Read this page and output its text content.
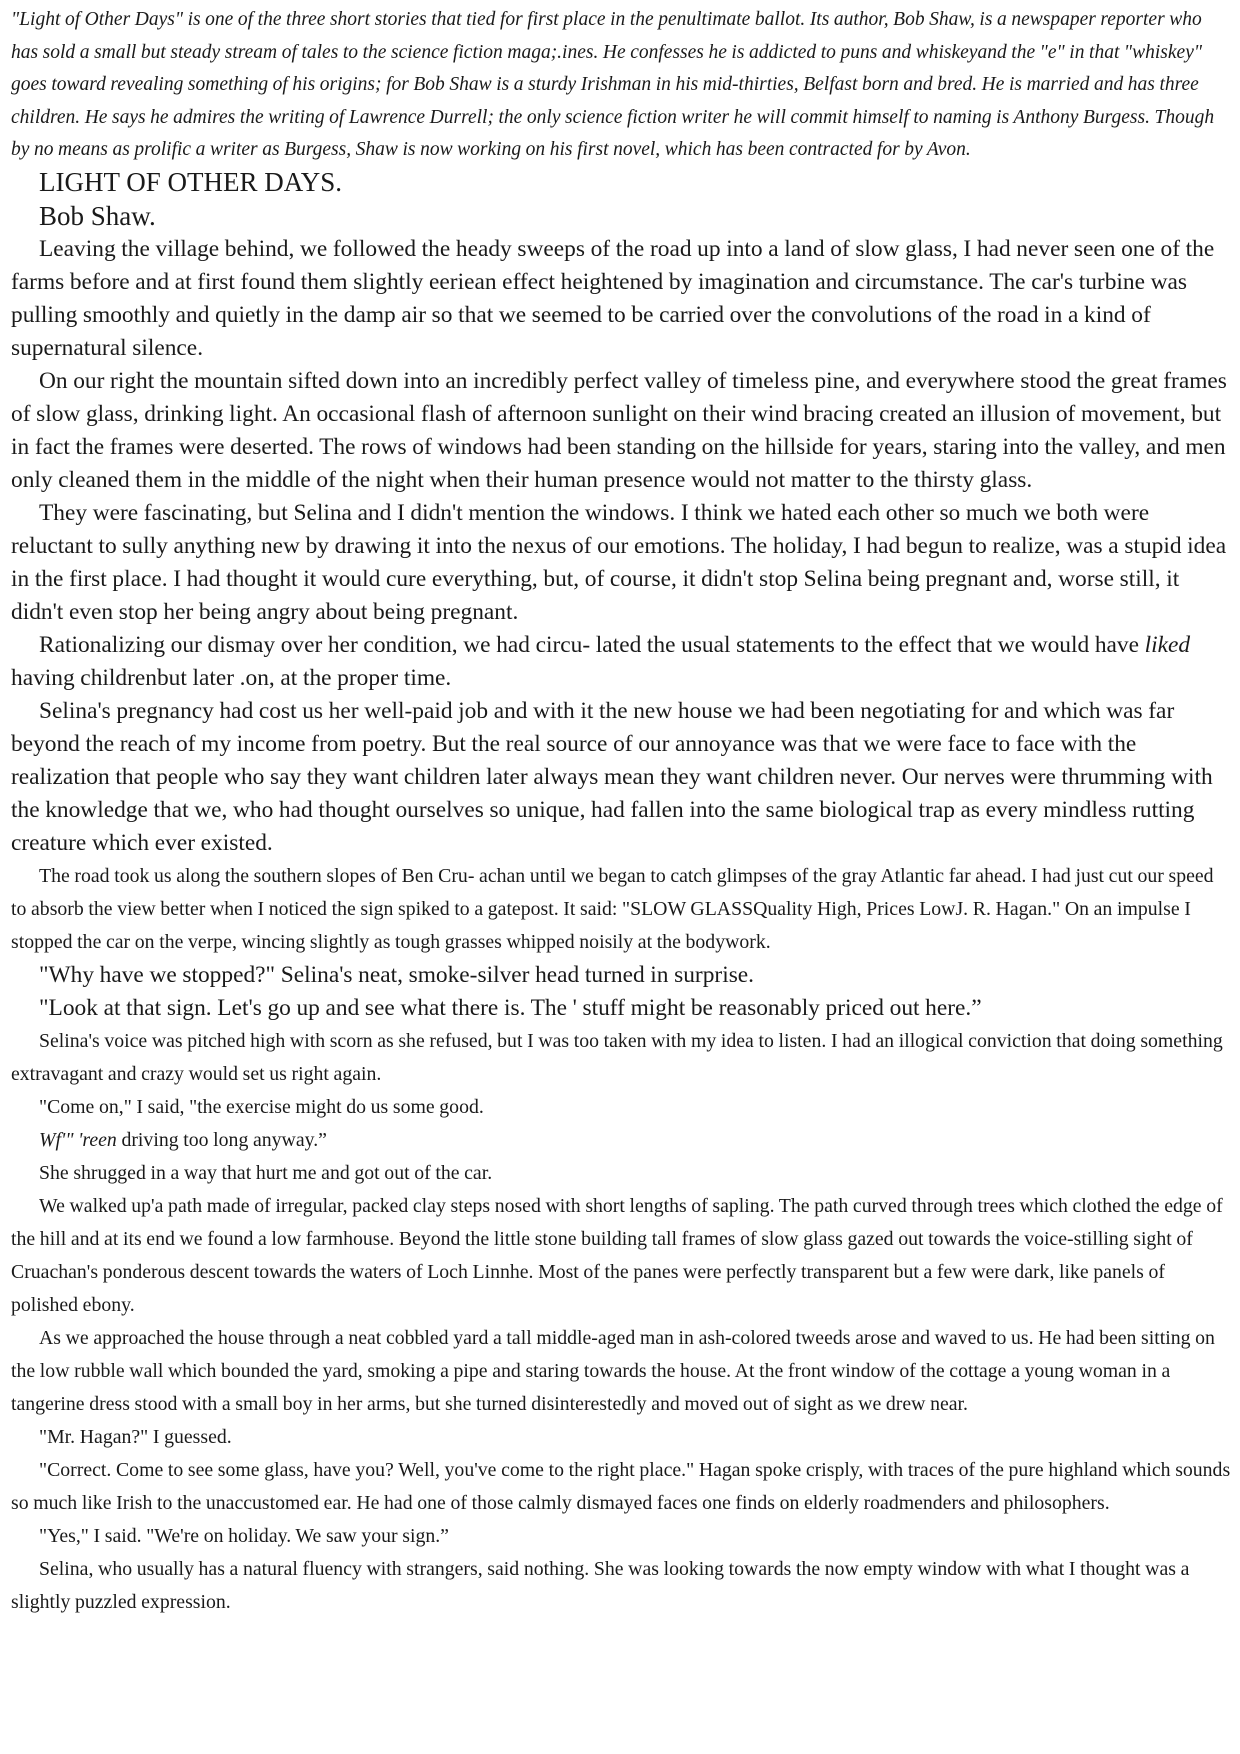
"Light of Other Days" is one of the three short stories that tied for first place in the penultimate ballot. Its author, Bob Shaw, is a newspaper reporter who has sold a small but steady stream of tales to the science fiction maga;.ines. He confesses he is addicted to puns and whiskeyand the "e" in that "whiskey" goes toward revealing something of his origins; for Bob Shaw is a sturdy Irishman in his mid-thirties, Belfast born and bred. He is married and has three children. He says he admires the writing of Lawrence Durrell; the only science fiction writer he will commit himself to naming is Anthony Burgess. Though by no means as prolific a writer as Burgess, Shaw is now working on his first novel, which has been contracted for by Avon.

LIGHT OF OTHER DAYS.

Bob Shaw.

Leaving the village behind, we followed the heady sweeps of the road up into a land of slow glass, I had never seen one of the farms before and at first found them slightly eeriean effect heightened by imagination and circumstance. The car's turbine was pulling smoothly and quietly in the damp air so that we seemed to be carried over the convolutions of the road in a kind of supernatural silence.

On our right the mountain sifted down into an incredibly perfect valley of timeless pine, and everywhere stood the great frames of slow glass, drinking light. An occasional flash of afternoon sunlight on their wind bracing created an illusion of movement, but in fact the frames were deserted. The rows of windows had been standing on the hillside for years, staring into the valley, and men only cleaned them in the middle of the night when their human presence would not matter to the thirsty glass.

They were fascinating, but Selina and I didn't mention the windows. I think we hated each other so much we both were reluctant to sully anything new by drawing it into the nexus of our emotions. The holiday, I had begun to realize, was a stupid idea in the first place. I had thought it would cure everything, but, of course, it didn't stop Selina being pregnant and, worse still, it didn't even stop her being angry about being pregnant.

Rationalizing our dismay over her condition, we had circu- lated the usual statements to the effect that we would have liked having childrenbut later .on, at the proper time.

Selina's pregnancy had cost us her well-paid job and with it the new house we had been negotiating for and which was far beyond the reach of my income from poetry. But the real source of our annoyance was that we were face to face with the realization that people who say they want children later always mean they want children never. Our nerves were thrumming with the knowledge that we, who had thought ourselves so unique, had fallen into the same biological trap as every mindless rutting creature which ever existed.

The road took us along the southern slopes of Ben Cru- achan until we began to catch glimpses of the gray Atlantic far ahead. I had just cut our speed to absorb the view better when I noticed the sign spiked to a gatepost. It said: "SLOW GLASSQuality High, Prices LowJ. R. Hagan." On an impulse I stopped the car on the verpe, wincing slightly as tough grasses whipped noisily at the bodywork.

"Why have we stopped?" Selina's neat, smoke-silver head turned in surprise.

"Look at that sign. Let's go up and see what there is. The ' stuff might be reasonably priced out here.”

Selina's voice was pitched high with scorn as she refused, but I was too taken with my idea to listen. I had an illogical conviction that doing something extravagant and crazy would set us right again.

"Come on," I said, "the exercise might do us some good.

Wf'" 'reen driving too long anyway.”

She shrugged in a way that hurt me and got out of the car.

We walked up'a path made of irregular, packed clay steps nosed with short lengths of sapling. The path curved through trees which clothed the edge of the hill and at its end we found a low farmhouse. Beyond the little stone building tall frames of slow glass gazed out towards the voice-stilling sight of Cruachan's ponderous descent towards the waters of Loch Linnhe. Most of the panes were perfectly transparent but a few were dark, like panels of polished ebony.

As we approached the house through a neat cobbled yard a tall middle-aged man in ash-colored tweeds arose and waved to us. He had been sitting on the low rubble wall which bounded the yard, smoking a pipe and staring towards the house. At the front window of the cottage a young woman in a tangerine dress stood with a small boy in her arms, but she turned disinterestedly and moved out of sight as we drew near.

"Mr. Hagan?" I guessed.

"Correct. Come to see some glass, have you? Well, you've come to the right place." Hagan spoke crisply, with traces of the pure highland which sounds so much like Irish to the unaccustomed ear. He had one of those calmly dismayed faces one finds on elderly roadmenders and philosophers.

"Yes," I said. "We're on holiday. We saw your sign.”

Selina, who usually has a natural fluency with strangers, said nothing. She was looking towards the now empty window with what I thought was a slightly puzzled expression.
